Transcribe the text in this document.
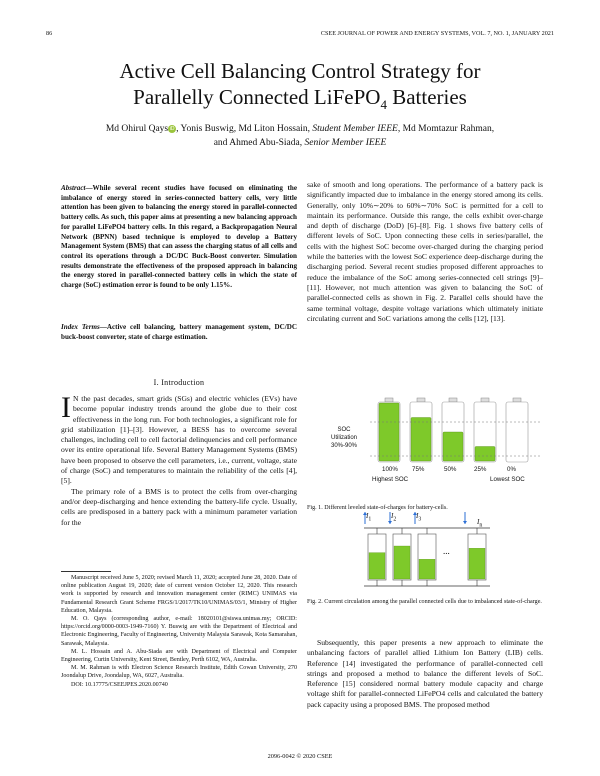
86	CSEE JOURNAL OF POWER AND ENERGY SYSTEMS, VOL. 7, NO. 1, JANUARY 2021
Active Cell Balancing Control Strategy for
Parallelly Connected LiFePO$_4$ Batteries
Md Ohirul Qays iD , Yonis Buswig, Md Liton Hossain, Student Member IEEE, Md Momtazur Rahman,
and Ahmed Abu-Siada, Senior Member IEEE
Abstract—While several recent studies have focused on eliminating the imbalance of energy stored in series-connected battery cells, very little attention has been given to balancing the energy stored in parallel-connected battery cells. As such, this paper aims at presenting a new balancing approach for parallel LiFePO4 battery cells. In this regard, a Backpropagation Neural Network (BPNN) based technique is employed to develop a Battery Management System (BMS) that can assess the charging status of all cells and control its operations through a DC/DC Buck-Boost converter. Simulation results demonstrate the effectiveness of the proposed approach in balancing the energy stored in parallel-connected battery cells in which the state of charge (SoC) estimation error is found to be only 1.15%.
Index Terms—Active cell balancing, battery management system, DC/DC buck-boost converter, state of charge estimation.
I. Introduction

I N the past decades, smart grids (SGs) and electric vehicles (EVs) have become popular industry trends around the globe due to their cost effectiveness in the long run. For both technologies, a significant role for grid stabilization [1]–[3]. However, a BESS has to overcome several challenges, including cell to cell factorial delinquencies and cell performance over its entire operational life. Several Battery Management Systems (BMS) have been proposed to observe the cell parameters, i.e., current, voltage, state of charge (SoC) and temperatures to maintain the reliability of the cells [4], [5].

The primary role of a BMS is to protect the cells from over-charging and/or deep-discharging and hence extending the battery-life cycle. Usually, cells are predisposed in a battery pack with a minimum parameter variation for the

Manuscript received June 5, 2020; revised March 11, 2020; accepted June 28, 2020. Date of online publication August 19, 2020; date of current version October 12, 2020. This research work is supported by research and innovation management center (RIMC) UNIMAS via Fundamental Research Grant Scheme FRGS/1/2017/TK10/UNIMAS/03/1, Ministry of Higher Education, Malaysia.

M. O. Qays (corresponding author, e-mail: 18020101@siswa.unimas.my; ORCID: https://orcid.org/0000-0003-1949-7160) Y. Buswig are with the Department of Electrical and Electronic Engineering, Faculty of Engineering, University Malaysia Sarawak, Kota Samarahan, Sarawak, Malaysia.

M. L. Hossain and A. Abu-Siada are with Department of Electrical and Computer Engineering, Curtin University, Kent Street, Bentley, Perth 6102, WA, Australia.

M. M. Rahman is with Electron Science Research Institute, Edith Cowan University, 270 Joondalup Drive, Joondalup, WA, 6027, Australia.

DOI: 10.17775/CSEEJPES.2020.00740

sake of smooth and long operations. The performance of a battery pack is significantly impacted due to imbalance in the energy stored among its cells. Generally, only 10%∼20% to 60%∼70% SoC is permitted for a cell to maintain its performance. Outside this range, the cells exhibit over-charge and depth of discharge (DoD) [6]–[8]. Fig. 1 shows five battery cells of different levels of SoC. Upon connecting these cells in series/parallel, the cells with the highest SoC become over-charged during the charging period while the batteries with the lowest SoC experience deep-discharge during the discharging period. Several recent studies proposed different approaches to reduce the imbalance of the SoC among series-connected cell strings [9]–[11]. However, not much attention was given to balancing the SoC of parallel-connected cells as shown in Fig. 2. Parallel cells should have the same terminal voltage, despite voltage variations which ultimately initiate circulating current and SoC variations among the cells [12], [13].
SOC
Utilization
30%-90%
100% 75%	50%	25%	0%
Highest SOC	Lowest SOC
Fig. 1. Different leveled state-of-charges for battery-cells.
$I_1$	$I_2$	$I_3$	$I_n$
...
Fig. 2. Current circulation among the parallel connected cells due to imbalanced state-of-charge.

Subsequently, this paper presents a new approach to eliminate the unbalancing factors of parallel allied Lithium Ion Battery (LIB) cells. Reference [14] investigated the performance of parallel-connected cell strings and proposed a method to balance the different levels of SoC. Reference [15] considered normal battery module capacity and charge voltage shift for parallel-connected LiFePO4 cells and calculated the battery pack capacity using a proposed BMS. The proposed method

2096-0042 © 2020 CSEE
